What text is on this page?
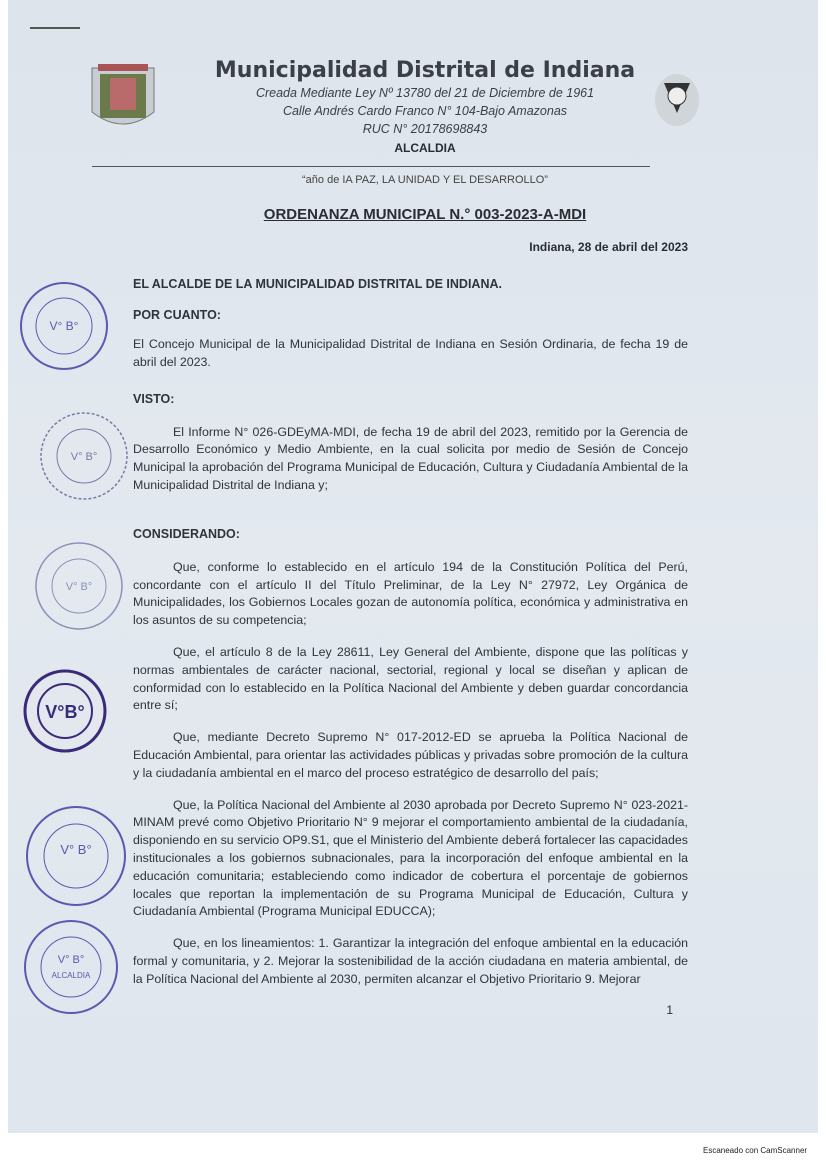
Municipalidad Distrital de Indiana
Creada Mediante Ley Nº 13780 del 21 de Diciembre de 1961
Calle Andrés Cardo Franco N° 104-Bajo Amazonas
RUC N° 20178698843
ALCALDIA
“año de IA PAZ, LA UNIDAD Y EL DESARROLLO”
ORDENANZA MUNICIPAL N.° 003-2023-A-MDI
Indiana, 28 de abril del 2023
EL ALCALDE DE LA MUNICIPALIDAD DISTRITAL DE INDIANA.
POR CUANTO:
El Concejo Municipal de la Municipalidad Distrital de Indiana en Sesión Ordinaria, de fecha 19 de abril del 2023.
VISTO:
El Informe N° 026-GDEyMA-MDI, de fecha 19 de abril del 2023, remitido por la Gerencia de Desarrollo Económico y Medio Ambiente, en la cual solicita por medio de Sesión de Concejo Municipal la aprobación del Programa Municipal de Educación, Cultura y Ciudadanía Ambiental de la Municipalidad Distrital de Indiana y;
CONSIDERANDO:
Que, conforme lo establecido en el artículo 194 de la Constitución Política del Perú, concordante con el artículo II del Título Preliminar, de la Ley N° 27972, Ley Orgánica de Municipalidades, los Gobiernos Locales gozan de autonomía política, económica y administrativa en los asuntos de su competencia;
Que, el artículo 8 de la Ley 28611, Ley General del Ambiente, dispone que las políticas y normas ambientales de carácter nacional, sectorial, regional y local se diseñan y aplican de conformidad con lo establecido en la Política Nacional del Ambiente y deben guardar concordancia entre sí;
Que, mediante Decreto Supremo N° 017-2012-ED se aprueba la Política Nacional de Educación Ambiental, para orientar las actividades públicas y privadas sobre promoción de la cultura y la ciudadanía ambiental en el marco del proceso estratégico de desarrollo del país;
Que, la Política Nacional del Ambiente al 2030 aprobada por Decreto Supremo N° 023-2021-MINAM prevé como Objetivo Prioritario N° 9 mejorar el comportamiento ambiental de la ciudadanía, disponiendo en su servicio OP9.S1, que el Ministerio del Ambiente deberá fortalecer las capacidades institucionales a los gobiernos subnacionales, para la incorporación del enfoque ambiental en la educación comunitaria; estableciendo como indicador de cobertura el porcentaje de gobiernos locales que reportan la implementación de su Programa Municipal de Educación, Cultura y Ciudadanía Ambiental (Programa Municipal EDUCCA);
Que, en los lineamientos: 1. Garantizar la integración del enfoque ambiental en la educación formal y comunitaria, y 2. Mejorar la sostenibilidad de la acción ciudadana en materia ambiental, de la Política Nacional del Ambiente al 2030, permiten alcanzar el Objetivo Prioritario 9. Mejorar
1
V° B°
V° B°
V° B°
V°B°
V° B°
V° B°
ALCALDIA
Escaneado con CamScanner
